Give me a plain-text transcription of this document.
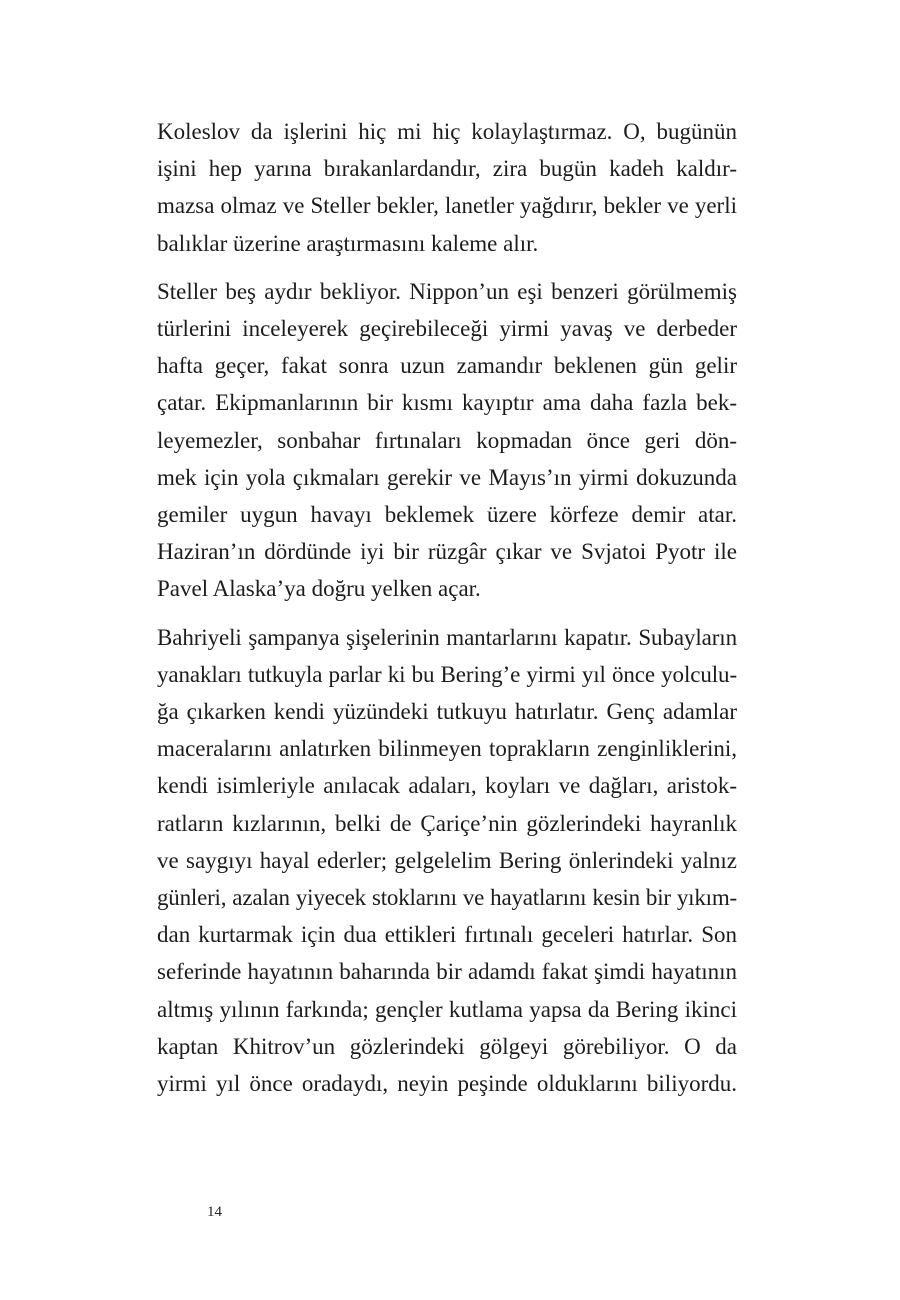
Koleslov da işlerini hiç mi hiç kolaylaştırmaz. O, bugünün
işini hep yarına bırakanlardandır, zira bugün kadeh kaldır-
mazsa olmaz ve Steller bekler, lanetler yağdırır, bekler ve yerli
balıklar üzerine araştırmasını kaleme alır.

Steller beş aydır bekliyor. Nippon’un eşi benzeri görülmemiş
türlerini inceleyerek geçirebileceği yirmi yavaş ve derbeder
hafta geçer, fakat sonra uzun zamandır beklenen gün gelir
çatar. Ekipmanlarının bir kısmı kayıptır ama daha fazla bek-
leyemezler, sonbahar fırtınaları kopmadan önce geri dön-
mek için yola çıkmaları gerekir ve Mayıs’ın yirmi dokuzunda
gemiler uygun havayı beklemek üzere körfeze demir atar.
Haziran’ın dördünde iyi bir rüzgâr çıkar ve Svjatoi Pyotr ile
Pavel Alaska’ya doğru yelken açar.

Bahriyeli şampanya şişelerinin mantarlarını kapatır. Subayların
yanakları tutkuyla parlar ki bu Bering’e yirmi yıl önce yolculu-
ğa çıkarken kendi yüzündeki tutkuyu hatırlatır. Genç adamlar
maceralarını anlatırken bilinmeyen toprakların zenginliklerini,
kendi isimleriyle anılacak adaları, koyları ve dağları, aristok-
ratların kızlarının, belki de Çariçe’nin gözlerindeki hayranlık
ve saygıyı hayal ederler; gelgelelim Bering önlerindeki yalnız
günleri, azalan yiyecek stoklarını ve hayatlarını kesin bir yıkım-
dan kurtarmak için dua ettikleri fırtınalı geceleri hatırlar. Son
seferinde hayatının baharında bir adamdı fakat şimdi hayatının
altmış yılının farkında; gençler kutlama yapsa da Bering ikinci
kaptan Khitrov’un gözlerindeki gölgeyi görebiliyor. O da
yirmi yıl önce oradaydı, neyin peşinde olduklarını biliyordu.

14
